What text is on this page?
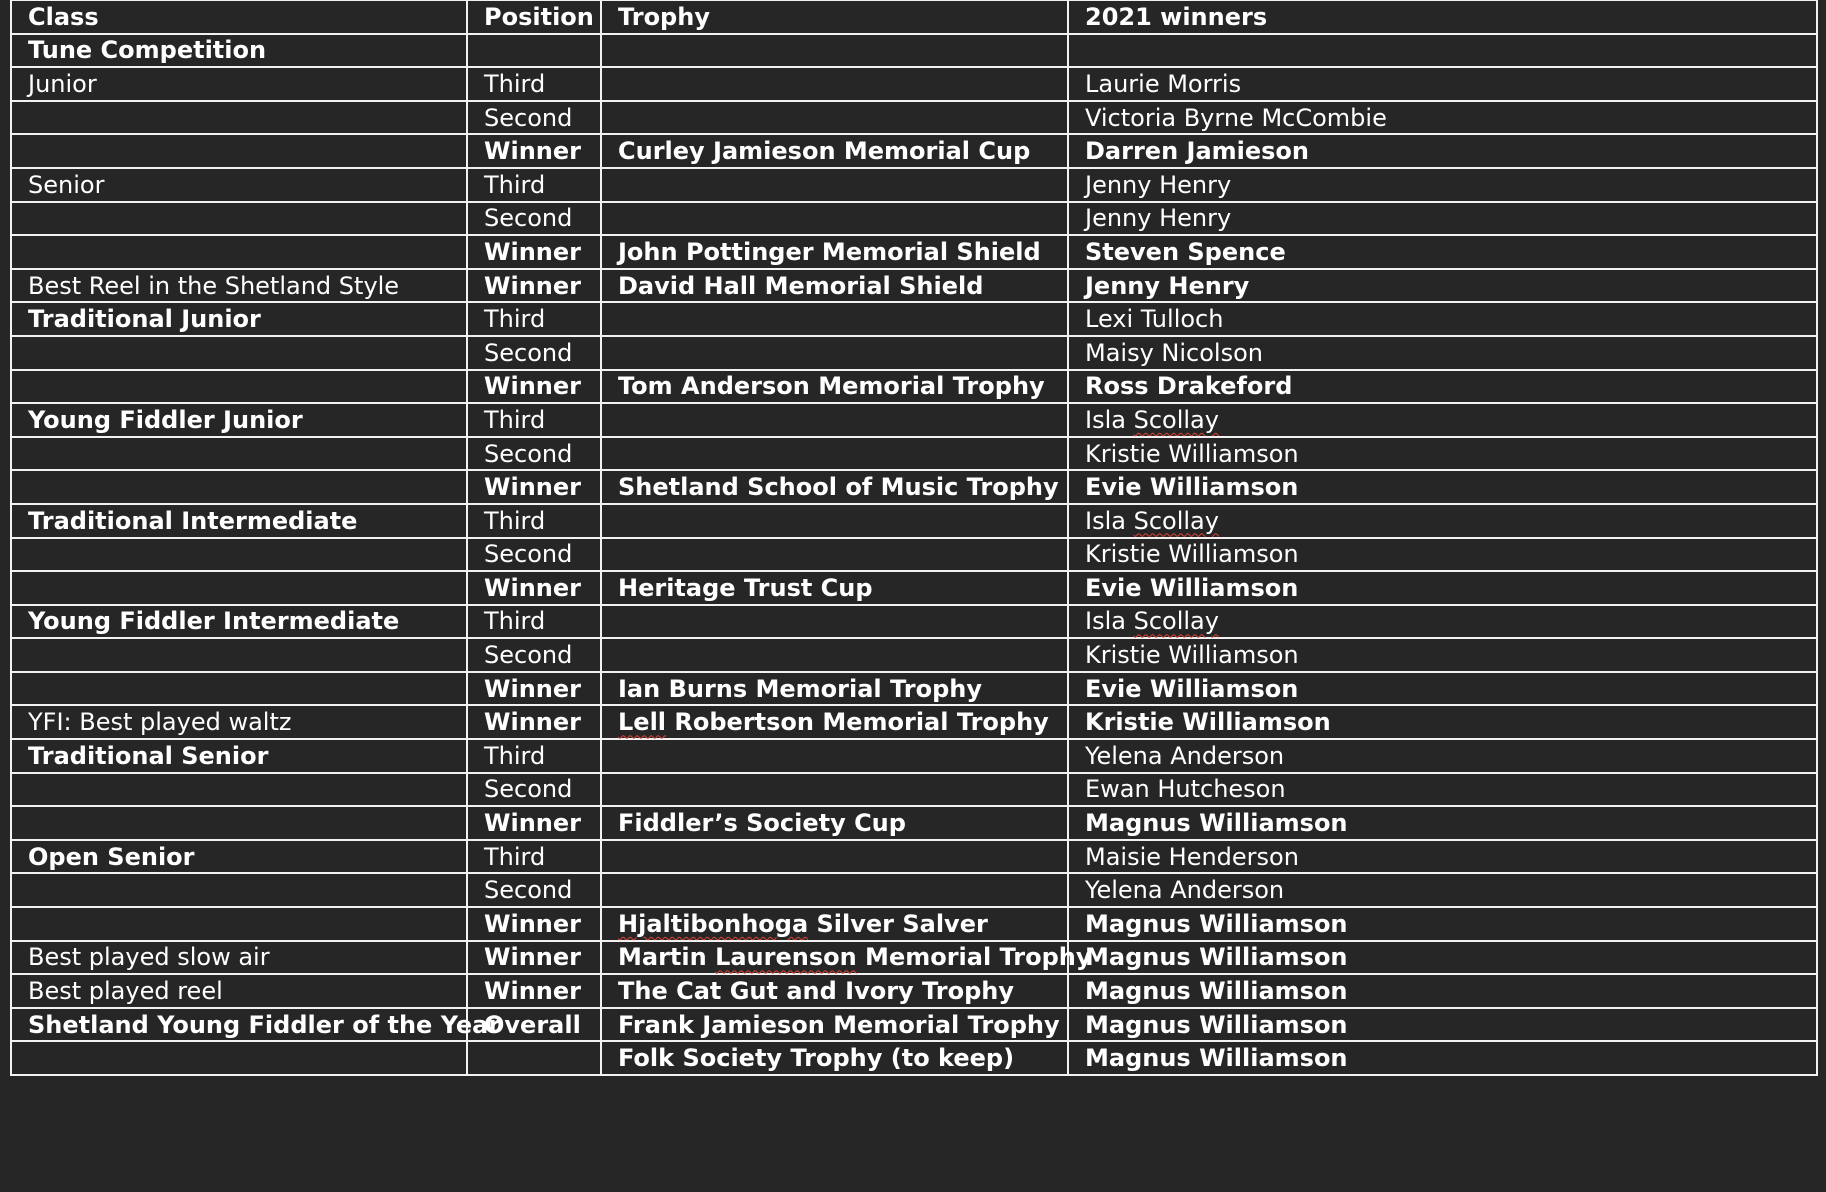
Class	Position	Trophy	2021 winners
Tune Competition			
Junior	Third		Laurie Morris
	Second		Victoria Byrne McCombie
	Winner	Curley Jamieson Memorial Cup	Darren Jamieson
Senior	Third		Jenny Henry
	Second		Jenny Henry
	Winner	John Pottinger Memorial Shield	Steven Spence
Best Reel in the Shetland Style	Winner	David Hall Memorial Shield	Jenny Henry
Traditional Junior	Third		Lexi Tulloch
	Second		Maisy Nicolson
	Winner	Tom Anderson Memorial Trophy	Ross Drakeford
Young Fiddler Junior	Third		Isla Scollay
	Second		Kristie Williamson
	Winner	Shetland School of Music Trophy	Evie Williamson
Traditional Intermediate	Third		Isla Scollay
	Second		Kristie Williamson
	Winner	Heritage Trust Cup	Evie Williamson
Young Fiddler Intermediate	Third		Isla Scollay
	Second		Kristie Williamson
	Winner	Ian Burns Memorial Trophy	Evie Williamson
YFI: Best played waltz	Winner	Lell Robertson Memorial Trophy	Kristie Williamson
Traditional Senior	Third		Yelena Anderson
	Second		Ewan Hutcheson
	Winner	Fiddler’s Society Cup	Magnus Williamson
Open Senior	Third		Maisie Henderson
	Second		Yelena Anderson
	Winner	Hjaltibonhoga Silver Salver	Magnus Williamson
Best played slow air	Winner	Martin Laurenson Memorial Trophy	Magnus Williamson
Best played reel	Winner	The Cat Gut and Ivory Trophy	Magnus Williamson
Shetland Young Fiddler of the Year	Overall	Frank Jamieson Memorial Trophy	Magnus Williamson
		Folk Society Trophy (to keep)	Magnus Williamson
